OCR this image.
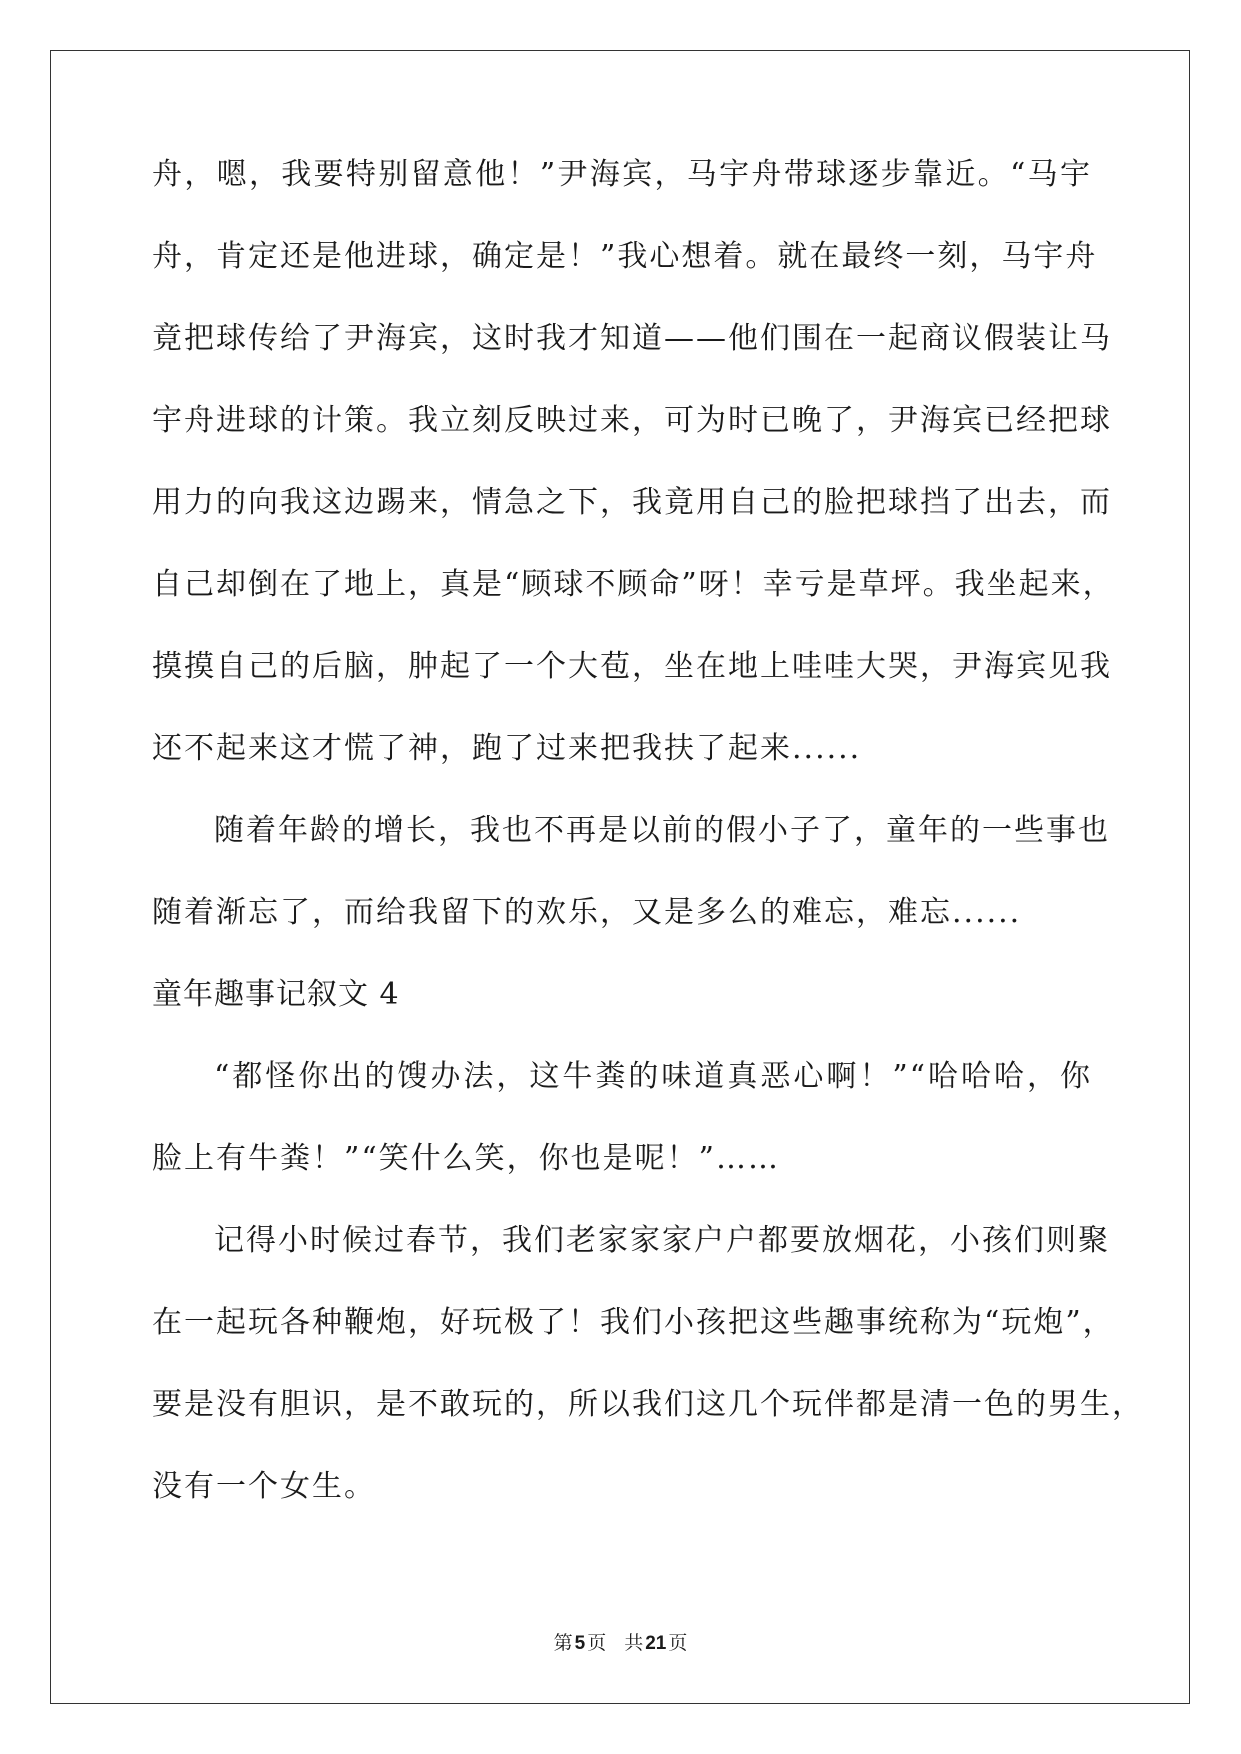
舟，嗯，我要特别留意他！”尹海宾，马宇舟带球逐步靠近。“马宇
舟，肯定还是他进球，确定是！”我心想着。就在最终一刻，马宇舟
竟把球传给了尹海宾，这时我才知道——他们围在一起商议假装让马
宇舟进球的计策。我立刻反映过来，可为时已晚了，尹海宾已经把球
用力的向我这边踢来，情急之下，我竟用自己的脸把球挡了出去，而
自己却倒在了地上，真是“顾球不顾命”呀！幸亏是草坪。我坐起来，
摸摸自己的后脑，肿起了一个大苞，坐在地上哇哇大哭，尹海宾见我
还不起来这才慌了神，跑了过来把我扶了起来......
随着年龄的增长，我也不再是以前的假小子了，童年的一些事也
随着渐忘了，而给我留下的欢乐，又是多么的难忘，难忘......
童年趣事记叙文 4
“都怪你出的馊办法，这牛粪的味道真恶心啊！”“哈哈哈，你
脸上有牛粪！”“笑什么笑，你也是呢！”……
记得小时候过春节，我们老家家家户户都要放烟花，小孩们则聚
在一起玩各种鞭炮，好玩极了！我们小孩把这些趣事统称为“玩炮”，
要是没有胆识，是不敢玩的，所以我们这几个玩伴都是清一色的男生，
没有一个女生。
第 5 页 共 21 页
